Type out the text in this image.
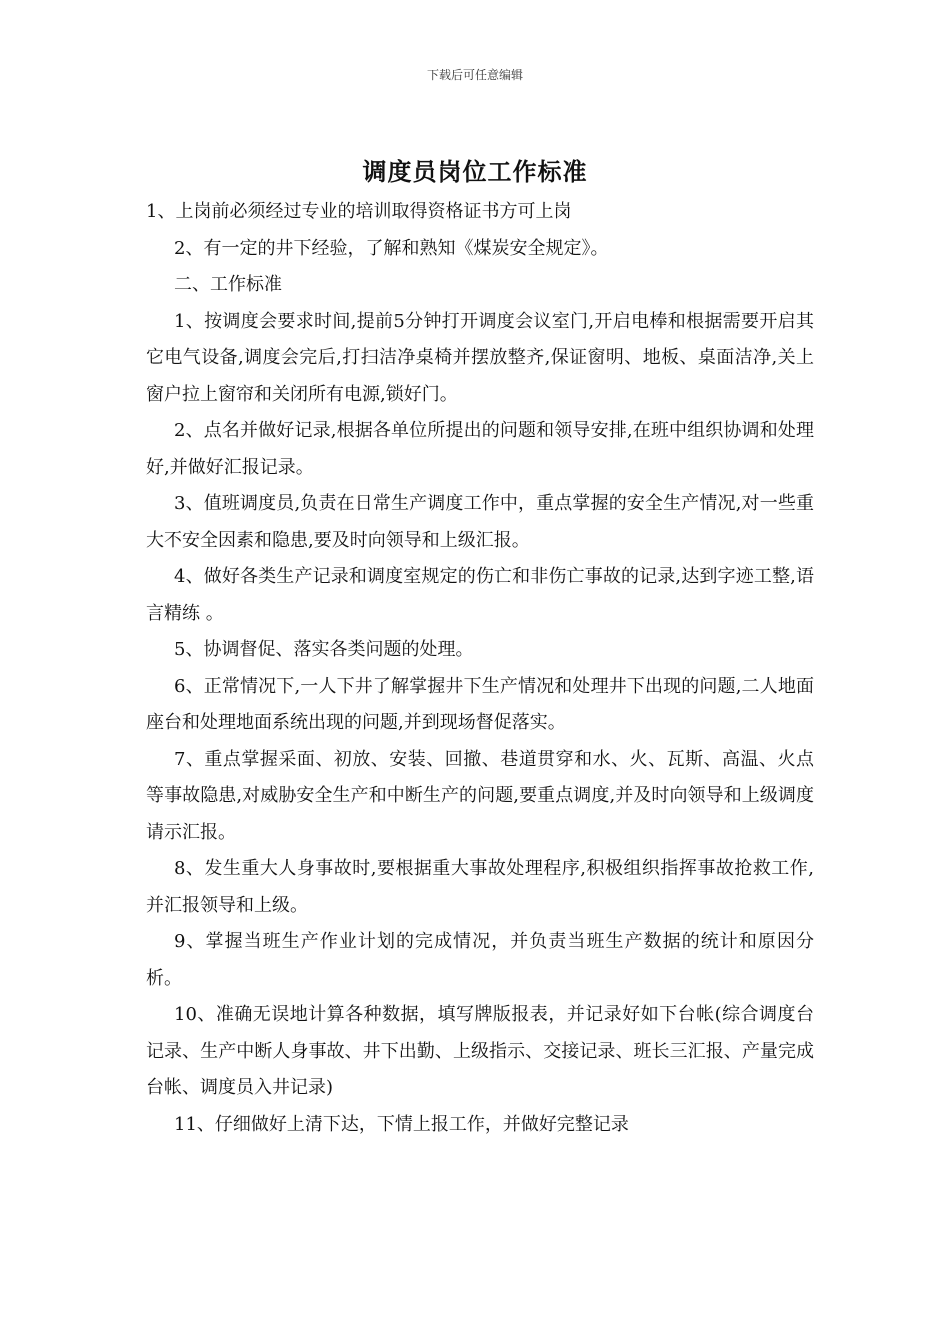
下载后可任意编辑
调度员岗位工作标准

1、上岗前必须经过专业的培训取得资格证书方可上岗

2、有一定的井下经验，了解和熟知《煤炭安全规定》。

二、工作标准

1、按调度会要求时间,提前5分钟打开调度会议室门,开启电棒和根据需要开启其它电气设备,调度会完后,打扫洁净桌椅并摆放整齐,保证窗明、地板、桌面洁净,关上窗户拉上窗帘和关闭所有电源,锁好门。

2、点名并做好记录,根据各单位所提出的问题和领导安排,在班中组织协调和处理好,并做好汇报记录。

3、值班调度员,负责在日常生产调度工作中，重点掌握的安全生产情况,对一些重大不安全因素和隐患,要及时向领导和上级汇报。

4、做好各类生产记录和调度室规定的伤亡和非伤亡事故的记录,达到字迹工整,语言精练 。

5、协调督促、落实各类问题的处理。

6、正常情况下,一人下井了解掌握井下生产情况和处理井下出现的问题,二人地面座台和处理地面系统出现的问题,并到现场督促落实。

7、重点掌握采面、初放、安装、回撤、巷道贯穿和水、火、瓦斯、高温、火点等事故隐患,对威胁安全生产和中断生产的问题,要重点调度,并及时向领导和上级调度请示汇报。

8、发生重大人身事故时,要根据重大事故处理程序,积极组织指挥事故抢救工作,并汇报领导和上级。

9、掌握当班生产作业计划的完成情况，并负责当班生产数据的统计和原因分析。

10、准确无误地计算各种数据，填写牌版报表，并记录好如下台帐(综合调度台记录、生产中断人身事故、井下出勤、上级指示、交接记录、班长三汇报、产量完成台帐、调度员入井记录)

11、仔细做好上清下达，下情上报工作，并做好完整记录
